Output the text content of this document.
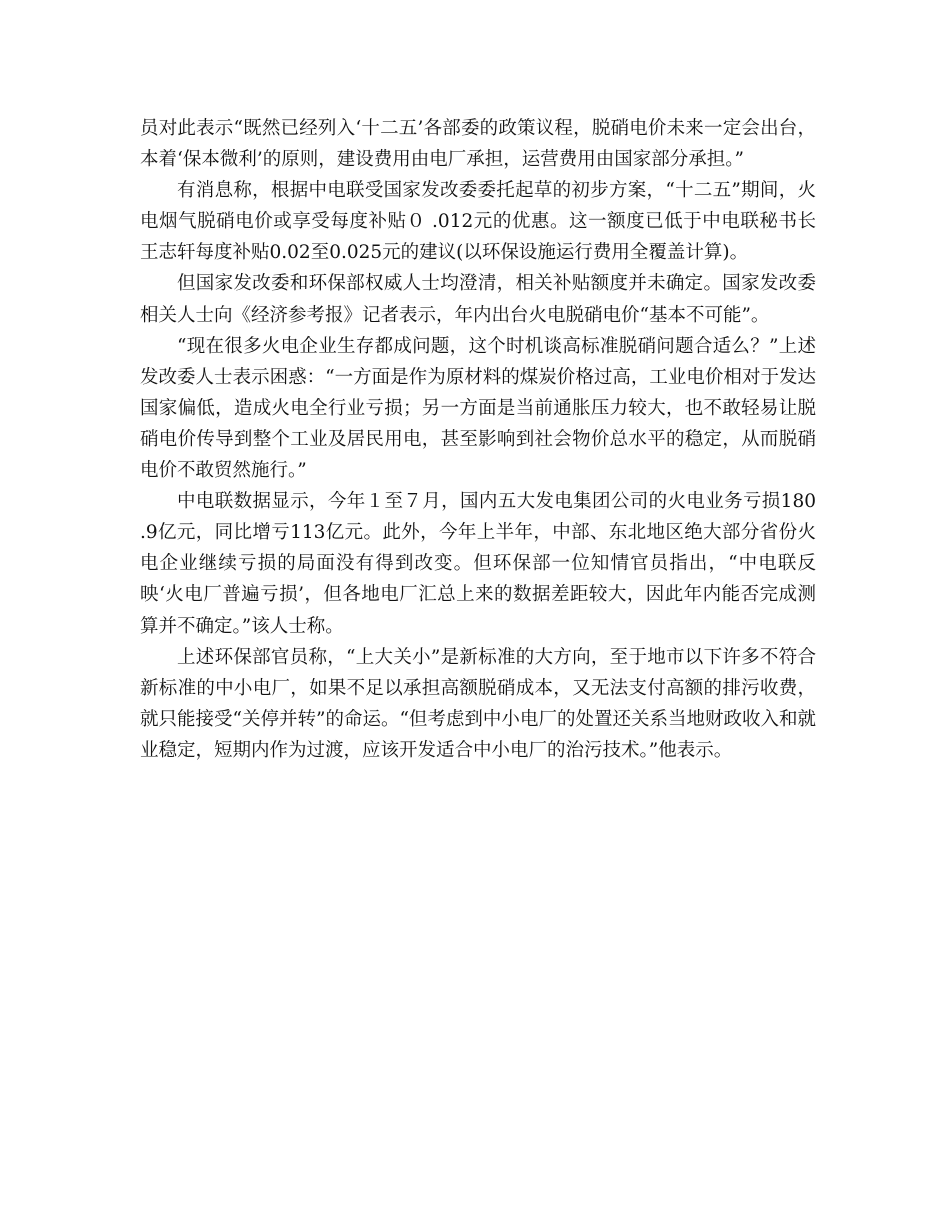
员对此表示“既然已经列入‘十二五’各部委的政策议程，脱硝电价未来一定会出台，本着‘保本微利’的原则，建设费用由电厂承担，运营费用由国家部分承担。”

有消息称，根据中电联受国家发改委委托起草的初步方案，“十二五”期间，火电烟气脱硝电价或享受每度补贴０ .012元的优惠。这一额度已低于中电联秘书长王志轩每度补贴0.02至0.025元的建议(以环保设施运行费用全覆盖计算)。

但国家发改委和环保部权威人士均澄清，相关补贴额度并未确定。国家发改委相关人士向《经济参考报》记者表示，年内出台火电脱硝电价“基本不可能”。

“现在很多火电企业生存都成问题，这个时机谈高标准脱硝问题合适么？”上述发改委人士表示困惑：“一方面是作为原材料的煤炭价格过高，工业电价相对于发达国家偏低，造成火电全行业亏损；另一方面是当前通胀压力较大，也不敢轻易让脱硝电价传导到整个工业及居民用电，甚至影响到社会物价总水平的稳定，从而脱硝电价不敢贸然施行。”

中电联数据显示，今年１至７月，国内五大发电集团公司的火电业务亏损180 .9亿元，同比增亏113亿元。此外，今年上半年，中部、东北地区绝大部分省份火电企业继续亏损的局面没有得到改变。但环保部一位知情官员指出，“中电联反映‘火电厂普遍亏损’，但各地电厂汇总上来的数据差距较大，因此年内能否完成测算并不确定。”该人士称。

上述环保部官员称，“上大关小”是新标准的大方向，至于地市以下许多不符合新标准的中小电厂，如果不足以承担高额脱硝成本，又无法支付高额的排污收费，就只能接受“关停并转”的命运。“但考虑到中小电厂的处置还关系当地财政收入和就业稳定，短期内作为过渡，应该开发适合中小电厂的治污技术。”他表示。
